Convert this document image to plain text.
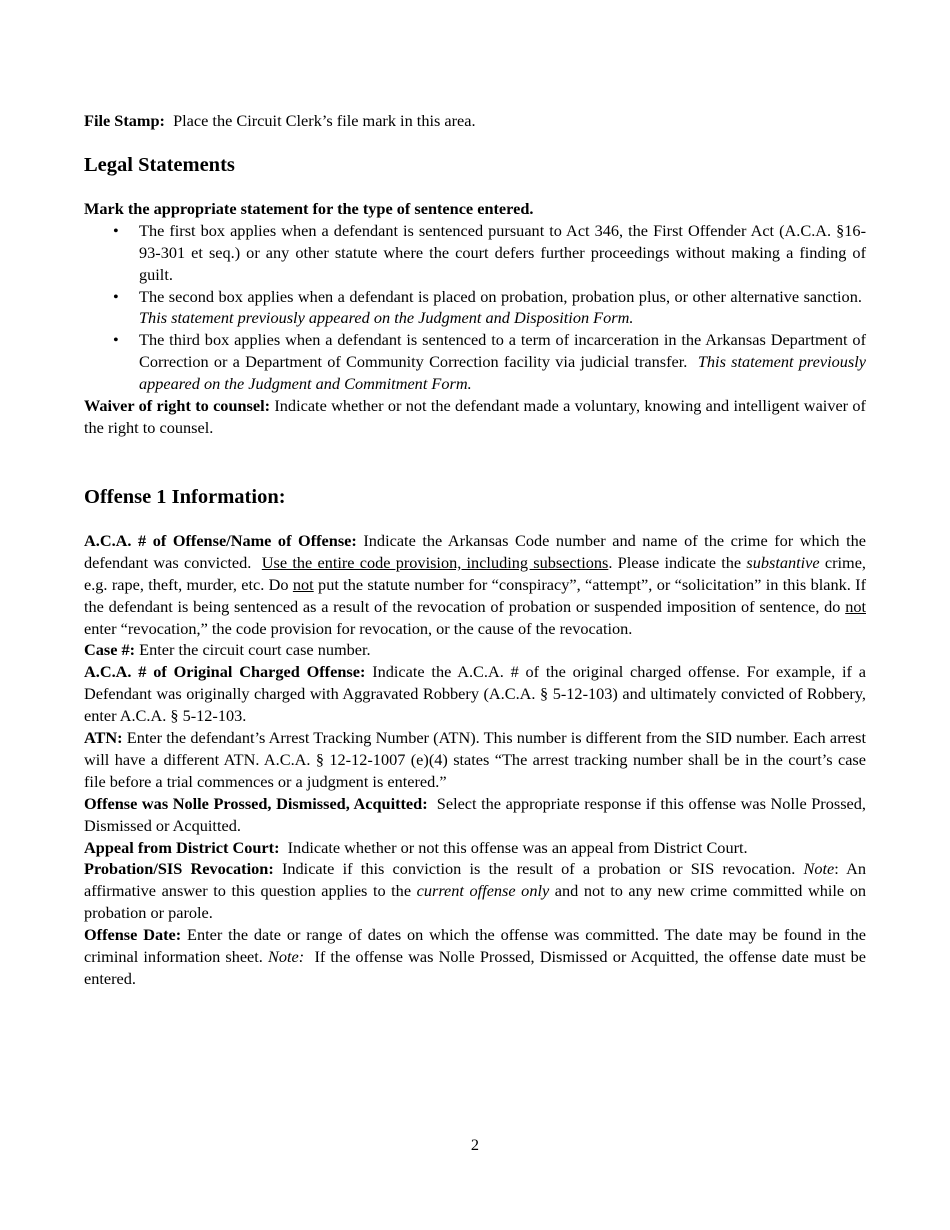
File Stamp: Place the Circuit Clerk’s file mark in this area.

Legal Statements

Mark the appropriate statement for the type of sentence entered.

• The first box applies when a defendant is sentenced pursuant to Act 346, the First Offender Act (A.C.A. §16-93-301 et seq.) or any other statute where the court defers further proceedings without making a finding of guilt.
• The second box applies when a defendant is placed on probation, probation plus, or other alternative sanction.  This statement previously appeared on the Judgment and Disposition Form.
• The third box applies when a defendant is sentenced to a term of incarceration in the Arkansas Department of Correction or a Department of Community Correction facility via judicial transfer. This statement previously appeared on the Judgment and Commitment Form.

Waiver of right to counsel: Indicate whether or not the defendant made a voluntary, knowing and intelligent waiver of the right to counsel.

Offense 1 Information:

A.C.A. # of Offense/Name of Offense: Indicate the Arkansas Code number and name of the crime for which the defendant was convicted. Use the entire code provision, including subsections. Please indicate the substantive crime, e.g. rape, theft, murder, etc. Do not put the statute number for “conspiracy”, “attempt”, or “solicitation” in this blank. If the defendant is being sentenced as a result of the revocation of probation or suspended imposition of sentence, do not enter “revocation,” the code provision for revocation, or the cause of the revocation.

Case #: Enter the circuit court case number.

A.C.A. # of Original Charged Offense: Indicate the A.C.A. # of the original charged offense. For example, if a Defendant was originally charged with Aggravated Robbery (A.C.A. § 5-12-103) and ultimately convicted of Robbery, enter A.C.A. § 5-12-103.

ATN: Enter the defendant’s Arrest Tracking Number (ATN). This number is different from the SID number. Each arrest will have a different ATN. A.C.A. § 12-12-1007 (e)(4) states “The arrest tracking number shall be in the court’s case file before a trial commences or a judgment is entered.”

Offense was Nolle Prossed, Dismissed, Acquitted: Select the appropriate response if this offense was Nolle Prossed, Dismissed or Acquitted.

Appeal from District Court: Indicate whether or not this offense was an appeal from District Court.

Probation/SIS Revocation: Indicate if this conviction is the result of a probation or SIS revocation. Note: An affirmative answer to this question applies to the current offense only and not to any new crime committed while on probation or parole.

Offense Date: Enter the date or range of dates on which the offense was committed. The date may be found in the criminal information sheet. Note: If the offense was Nolle Prossed, Dismissed or Acquitted, the offense date must be entered.

2
